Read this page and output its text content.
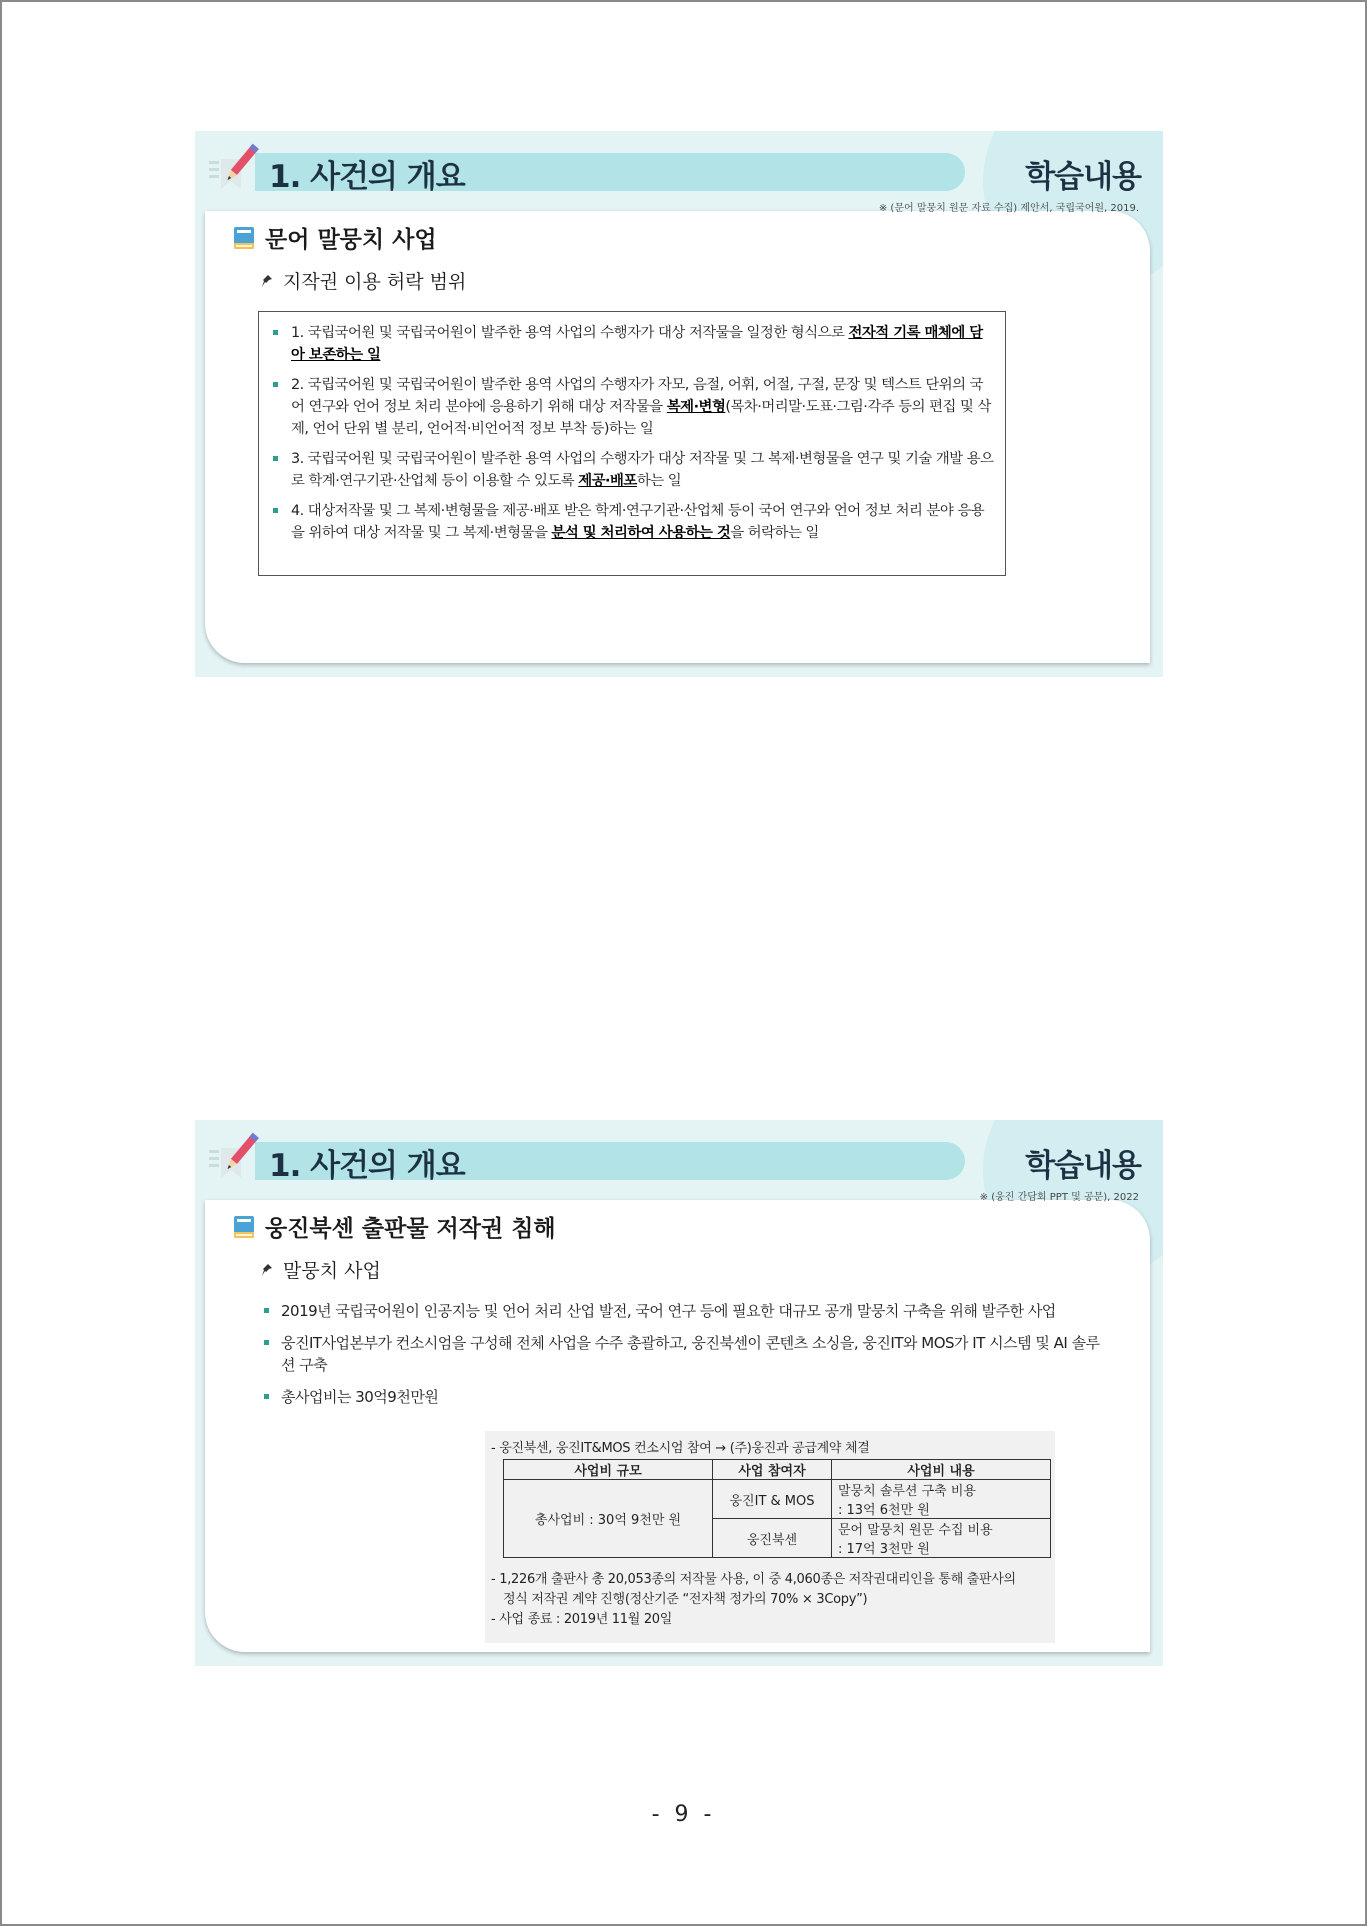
1. 사건의 개요	학습내용
※ (문어 말뭉치 원문 자료 수집) 제안서, 국립국어원, 2019.
문어 말뭉치 사업
지작권 이용 허락 범위
1. 국립국어원 및 국립국어원이 발주한 용역 사업의 수행자가 대상 저작물을 일정한 형식으로 전자적 기록 매체에 담아 보존하는 일
2. 국립국어원 및 국립국어원이 발주한 용역 사업의 수행자가 자모, 음절, 어휘, 어절, 구절, 문장 및 텍스트 단위의 국어 연구와 언어 정보 처리 분야에 응용하기 위해 대상 저작물을 복제·변형(목차·머리말·도표·그림·각주 등의 편집 및 삭제, 언어 단위 별 분리, 언어적·비언어적 정보 부착 등)하는 일
3. 국립국어원 및 국립국어원이 발주한 용역 사업의 수행자가 대상 저작물 및 그 복제·변형물을 연구 및 기술 개발 용으로 학계·연구기관·산업체 등이 이용할 수 있도록 제공·배포하는 일
4. 대상저작물 및 그 복제·변형물을 제공·배포 받은 학계·연구기관·산업체 등이 국어 연구와 언어 정보 처리 분야 응용을 위하여 대상 저작물 및 그 복제·변형물을 분석 및 처리하여 사용하는 것을 허락하는 일
1. 사건의 개요	학습내용
※ (웅진 간담회 PPT 및 공문), 2022
웅진북센 출판물 저작권 침해
말뭉치 사업
2019년 국립국어원이 인공지능 및 언어 처리 산업 발전, 국어 연구 등에 필요한 대규모 공개 말뭉치 구축을 위해 발주한 사업
웅진IT사업본부가 컨소시엄을 구성해 전체 사업을 수주 총괄하고, 웅진북센이 콘텐츠 소싱을, 웅진IT와 MOS가 IT 시스템 및 AI 솔루션 구축
총사업비는 30억9천만원
- 웅진북센, 웅진IT&MOS 컨소시엄 참여 → (주)웅진과 공급계약 체결
사업비 규모	사업 참여자	사업비 내용
총사업비 : 30억 9천만 원	웅진IT & MOS	말뭉치 솔루션 구축 비용
: 13억 6천만 원

	웅진북센	문어 말뭉치 원문 수집 비용
: 17억 3천만 원
- 1,226개 출판사 총 20,053종의 저작물 사용, 이 중 4,060종은 저작권대리인을 통해 출판사의
정식 저작권 계약 진행(정산기준 “전자책 정가의 70% × 3Copy”)
- 사업 종료 : 2019년 11월 20일
- 9 -
